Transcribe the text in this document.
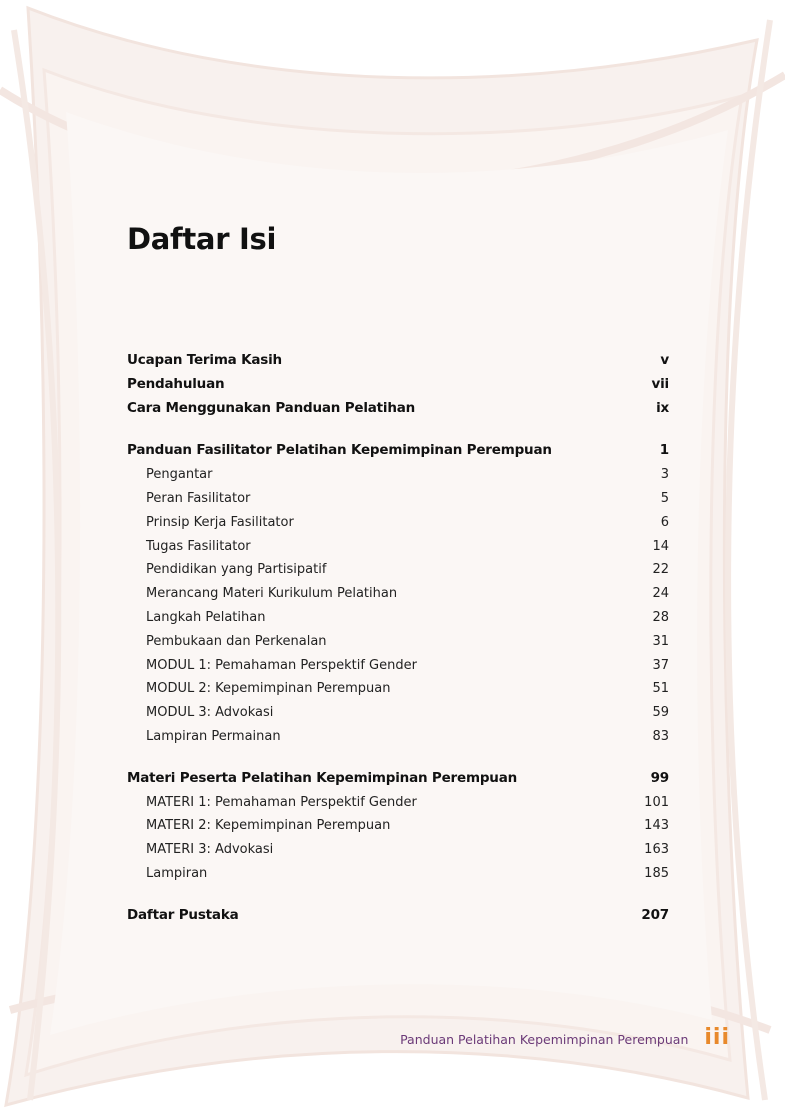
Daftar Isi
Ucapan Terima Kasih	v
Pendahuluan	vii
Cara Menggunakan Panduan Pelatihan	ix
Panduan Fasilitator Pelatihan Kepemimpinan Perempuan	1
Pengantar	3
Peran Fasilitator	5
Prinsip Kerja Fasilitator	6
Tugas Fasilitator	14
Pendidikan yang Partisipatif	22
Merancang Materi Kurikulum Pelatihan	24
Langkah Pelatihan	28
Pembukaan dan Perkenalan	31
MODUL 1: Pemahaman Perspektif Gender	37
MODUL 2: Kepemimpinan Perempuan	51
MODUL 3: Advokasi	59
Lampiran Permainan	83
Materi Peserta Pelatihan Kepemimpinan Perempuan	99
MATERI 1: Pemahaman Perspektif Gender	101
MATERI 2: Kepemimpinan Perempuan	143
MATERI 3: Advokasi	163
Lampiran	185
Daftar Pustaka	207
Panduan Pelatihan Kepemimpinan Perempuan iii
